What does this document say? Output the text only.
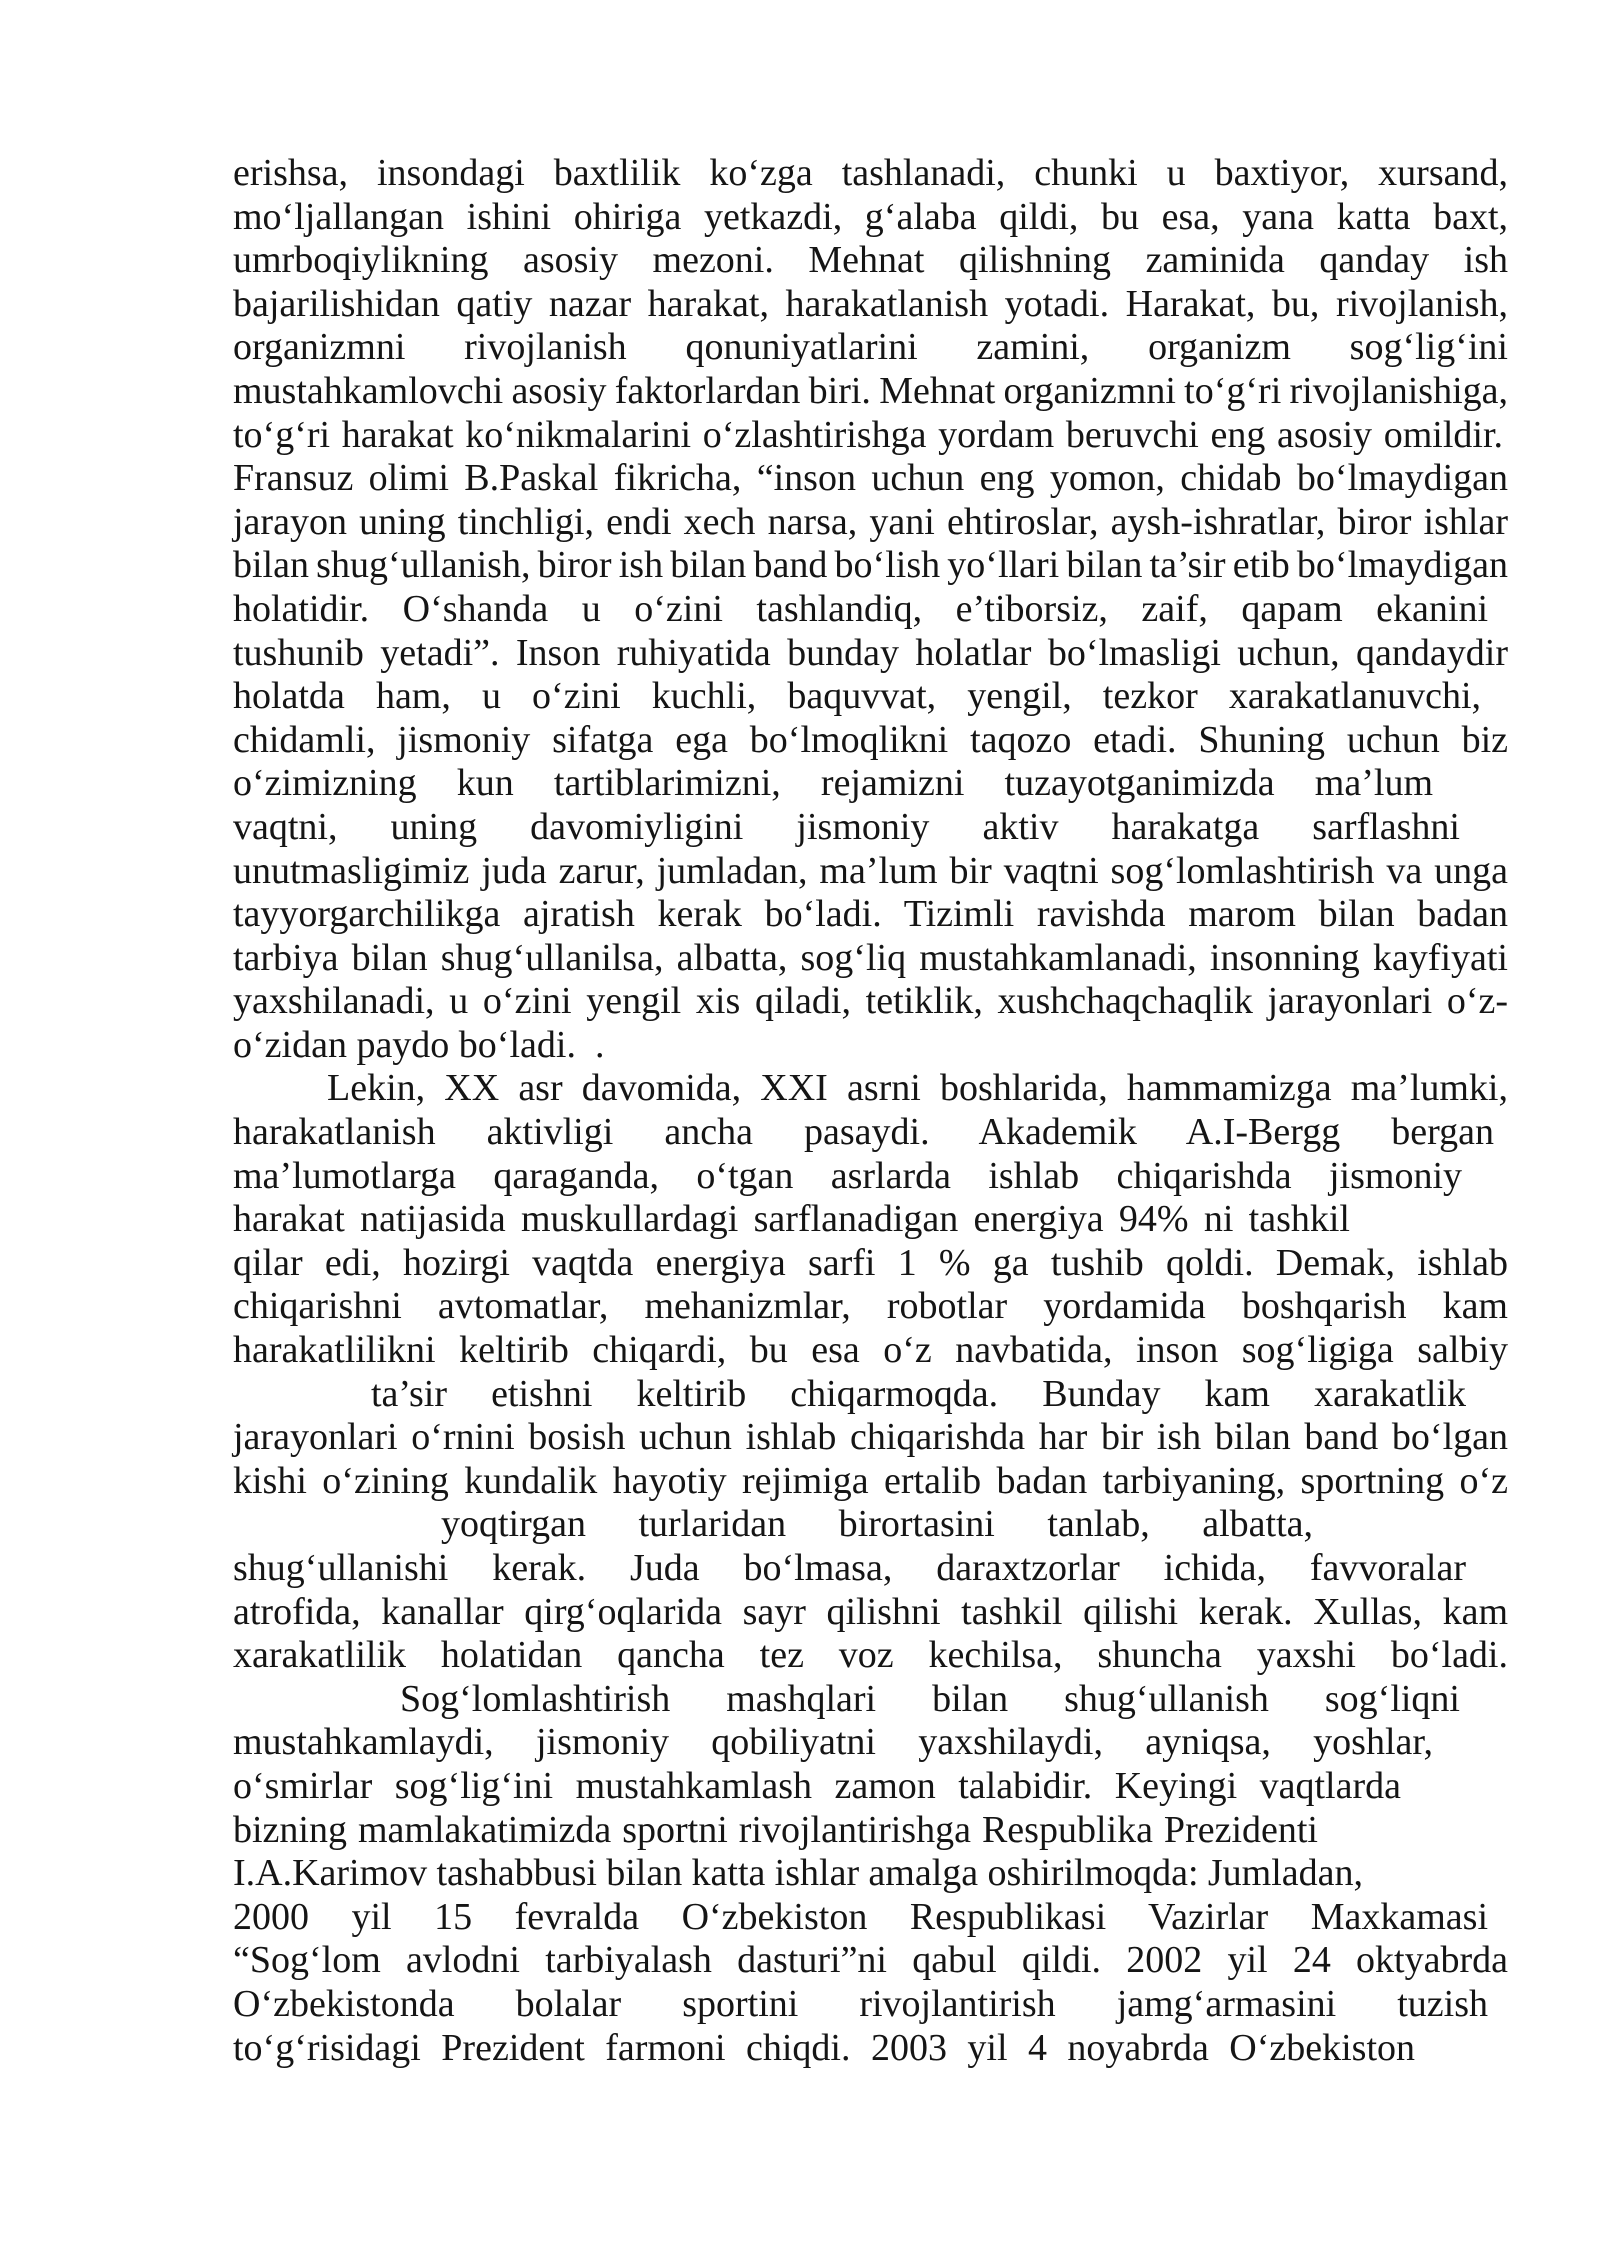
erishsa, insondagi baxtlilik ko‘zga tashlanadi, chunki u baxtiyor, xursand,
mo‘ljallangan ishini ohiriga yetkazdi, g‘alaba qildi, bu esa, yana katta baxt,
umrboqiylikning asosiy mezoni. Mehnat qilishning zaminida qanday ish
bajarilishidan qatiy nazar harakat, harakatlanish yotadi. Harakat, bu, rivojlanish,
organizmni rivojlanish qonuniyatlarini zamini, organizm sog‘lig‘ini
mustahkamlovchi asosiy faktorlardan biri. Mehnat organizmni to‘g‘ri rivojlanishiga,
to‘g‘ri harakat ko‘nikmalarini o‘zlashtirishga yordam beruvchi eng asosiy omildir.
Fransuz olimi B.Paskal fikricha, “inson uchun eng yomon, chidab bo‘lmaydigan
jarayon uning tinchligi, endi xech narsa, yani ehtiroslar, aysh-ishratlar, biror ishlar
bilan shug‘ullanish, biror ish bilan band bo‘lish yo‘llari bilan ta’sir etib bo‘lmaydigan
holatidir. O‘shanda u o‘zini tashlandiq, e’tiborsiz, zaif, qapam ekanini
tushunib yetadi”. Inson ruhiyatida bunday holatlar bo‘lmasligi uchun, qandaydir
holatda ham, u o‘zini kuchli, baquvvat, yengil, tezkor xarakatlanuvchi,
chidamli, jismoniy sifatga ega bo‘lmoqlikni taqozo etadi. Shuning uchun biz
o‘zimizning kun tartiblarimizni, rejamizni tuzayotganimizda ma’lum
vaqtni, uning davomiyligini jismoniy aktiv harakatga sarflashni
unutmasligimiz juda zarur, jumladan, ma’lum bir vaqtni sog‘lomlashtirish va unga
tayyorgarchilikga ajratish kerak bo‘ladi. Tizimli ravishda marom bilan badan
tarbiya bilan shug‘ullanilsa, albatta, sog‘liq mustahkamlanadi, insonning kayfiyati
yaxshilanadi, u o‘zini yengil xis qiladi, tetiklik, xushchaqchaqlik jarayonlari o‘z-
o‘zidan paydo bo‘ladi.  .
Lekin, XX asr davomida, XXI asrni boshlarida, hammamizga ma’lumki,
harakatlanish aktivligi ancha pasaydi. Akademik A.I-Bergg bergan
ma’lumotlarga qaraganda, o‘tgan asrlarda ishlab chiqarishda jismoniy
harakat natijasida muskullardagi sarflanadigan energiya 94% ni tashkil
qilar edi, hozirgi vaqtda energiya sarfi 1 % ga tushib qoldi. Demak, ishlab
chiqarishni avtomatlar, mehanizmlar, robotlar yordamida boshqarish kam
harakatlilikni keltirib chiqardi, bu esa o‘z navbatida, inson sog‘ligiga salbiy
ta’sir etishni keltirib chiqarmoqda. Bunday kam xarakatlik
jarayonlari o‘rnini bosish uchun ishlab chiqarishda har bir ish bilan band bo‘lgan
kishi o‘zining kundalik hayotiy rejimiga ertalib badan tarbiyaning, sportning o‘z
yoqtirgan turlaridan birortasini tanlab, albatta,
shug‘ullanishi kerak. Juda bo‘lmasa, daraxtzorlar ichida, favvoralar
atrofida, kanallar qirg‘oqlarida sayr qilishni tashkil qilishi kerak. Xullas, kam
xarakatlilik holatidan qancha tez voz kechilsa, shuncha yaxshi bo‘ladi.
Sog‘lomlashtirish mashqlari bilan shug‘ullanish sog‘liqni
mustahkamlaydi, jismoniy qobiliyatni yaxshilaydi, ayniqsa, yoshlar,
o‘smirlar sog‘lig‘ini mustahkamlash zamon talabidir. Keyingi vaqtlarda
bizning mamlakatimizda sportni rivojlantirishga Respublika Prezidenti
I.A.Karimov tashabbusi bilan katta ishlar amalga oshirilmoqda: Jumladan,
2000 yil 15 fevralda O‘zbekiston Respublikasi Vazirlar Maxkamasi
“Sog‘lom avlodni tarbiyalash dasturi”ni qabul qildi. 2002 yil 24 oktyabrda
O‘zbekistonda bolalar sportini rivojlantirish jamg‘armasini tuzish
to‘g‘risidagi Prezident farmoni chiqdi. 2003 yil 4 noyabrda O‘zbekiston
